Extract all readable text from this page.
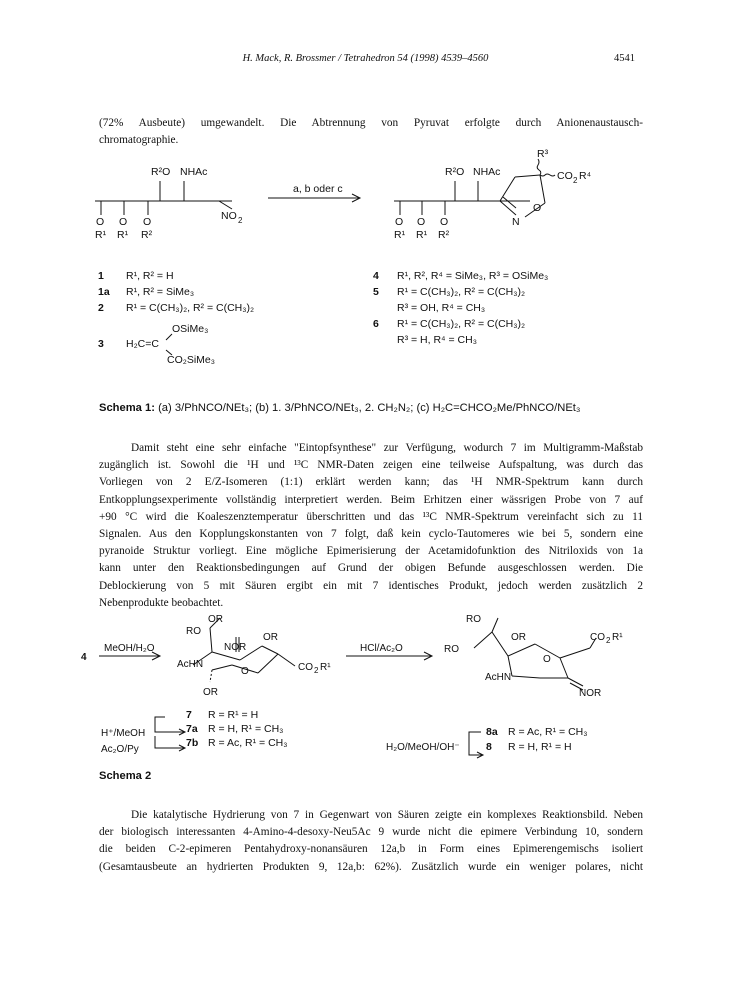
H. Mack, R. Brossmer / Tetrahedron 54 (1998) 4539–4560	4541
(72% Ausbeute) umgewandelt. Die Abtrennung von Pyruvat erfolgte durch Anionenaustausch-
chromatographie.
R²O NHAc
O O O
R¹ R¹ R²
NO 2
a, b oder c
R²O NHAc
O O O
R¹ R¹ R²
R³
CO 2 R⁴
N
O
1	R¹, R² = H
1a	R¹, R² = SiMe₃
2	R¹ = C(CH₃)₂, R² = C(CH₃)₂
3
OSiMe₃
H₂C=C
CO₂SiMe₃
4	R¹, R², R⁴ = SiMe₃, R³ = OSiMe₃
5	R¹ = C(CH₃)₂, R² = C(CH₃)₂
R³ = OH, R⁴ = CH₃
6	R¹ = C(CH₃)₂, R² = C(CH₃)₂
R³ = H, R⁴ = CH₃
Schema 1: (a) 3/PhNCO/NEt₃; (b) 1. 3/PhNCO/NEt₃, 2. CH₂N₂; (c) H₂C=CHCO₂Me/PhNCO/NEt₃
Damit steht eine sehr einfache "Eintopfsynthese" zur Verfügung, wodurch 7 im Multigramm-Maßstab
zugänglich ist. Sowohl die ¹H und ¹³C NMR-Daten zeigen eine teilweise Aufspaltung, was durch das
Vorliegen von 2 E/Z-Isomeren (1:1) erklärt werden kann; das ¹H NMR-Spektrum kann durch
Entkopplungsexperimente vollständig interpretiert werden. Beim Erhitzen einer wässrigen Probe von 7 auf
+90 °C wird die Koaleszenztemperatur überschritten und das ¹³C NMR-Spektrum vereinfacht sich zu 11
Signalen. Aus den Kopplungskonstanten von 7 folgt, daß kein cyclo-Tautomeres wie bei 5, sondern eine
pyranoide Struktur vorliegt. Eine mögliche Epimerisierung der Acetamidofunktion des Nitriloxids von 1a
kann unter den Reaktionsbedingungen auf Grund der obigen Befunde ausgeschlossen werden. Die
Deblockierung von 5 mit Säuren ergibt ein mit 7 identisches Produkt, jedoch werden zusätzlich 2
Nebenprodukte beobachtet.
4
MeOH/H₂O
RO
OR
NOR
OR
AcHN
O	CO 2 R¹
OR
HCl/Ac₂O
RO
RO
OR
O
AcHN
CO 2 R¹
NOR
H⁺/MeOH
Ac₂O/Py
7	R = R¹ = H
7a R = H, R¹ = CH₃
7b R = Ac, R¹ = CH₃	H₂O/MeOH/OH⁻
8a R = Ac, R¹ = CH₃
8	R = H, R¹ = H
Schema 2
Die katalytische Hydrierung von 7 in Gegenwart von Säuren zeigte ein komplexes Reaktionsbild. Neben
der biologisch interessanten 4-Amino-4-desoxy-Neu5Ac 9 wurde nicht die epimere Verbindung 10, sondern
die beiden C-2-epimeren Pentahydroxy-nonansäuren 12a,b in Form eines Epimerengemischs isoliert
(Gesamtausbeute an hydrierten Produkten 9, 12a,b: 62%). Zusätzlich wurde ein weniger polares, nicht
